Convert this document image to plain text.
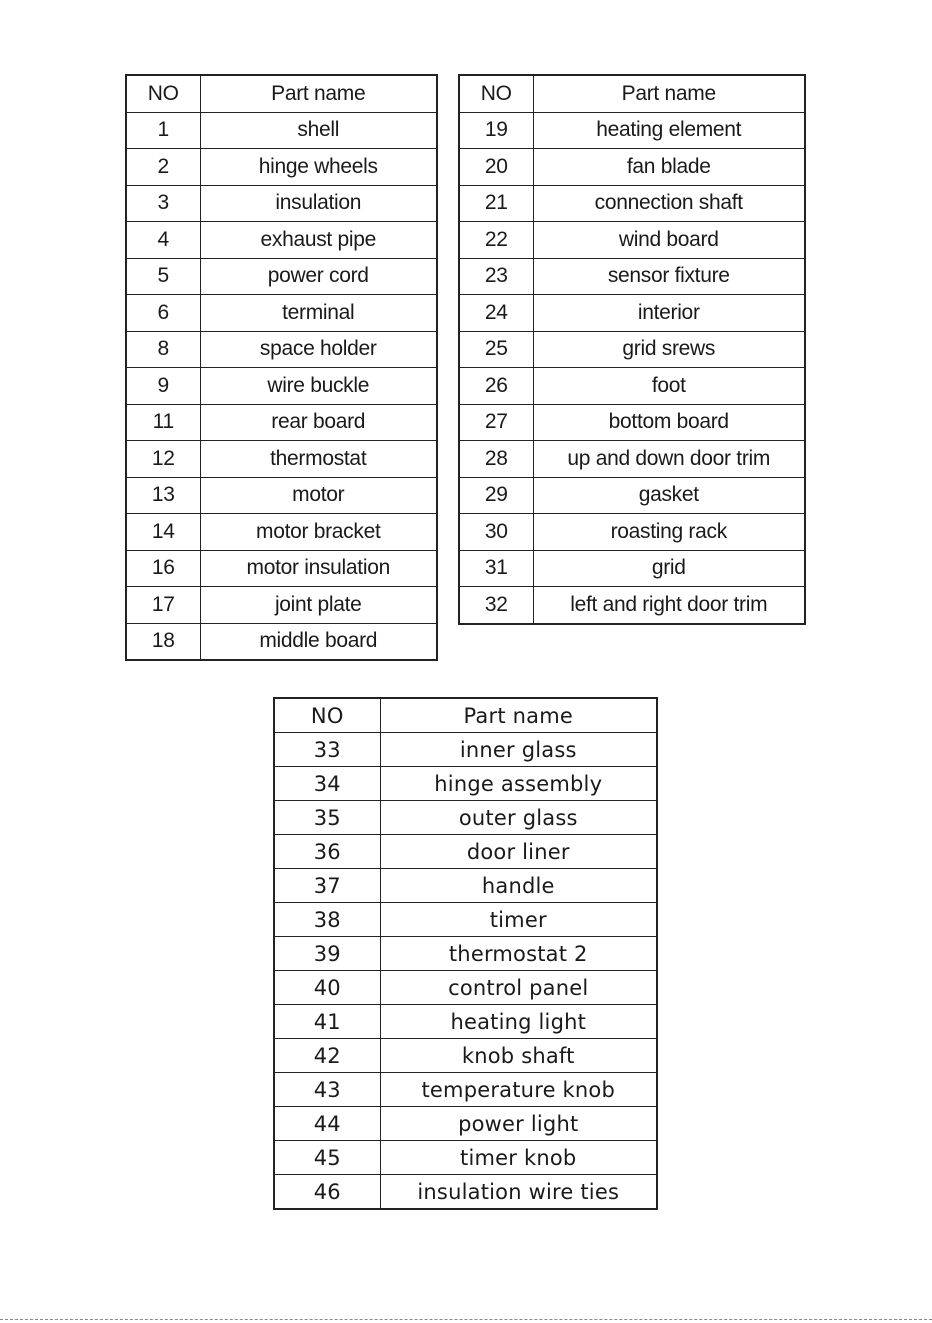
NO	Part name
1	shell
2	hinge wheels
3	insulation
4	exhaust pipe
5	power cord
6	terminal
8	space holder
9	wire buckle
11	rear board
12	thermostat
13	motor
14	motor bracket
16	motor insulation
17	joint plate
18	middle board
NO	Part name
19	heating element
20	fan blade
21	connection shaft
22	wind board
23	sensor fixture
24	interior
25	grid srews
26	foot
27	bottom board
28	up and down door trim
29	gasket
30	roasting rack
31	grid
32	left and right door trim
NO	Part name
33	inner glass
34	hinge assembly
35	outer glass
36	door liner
37	handle
38	timer
39	thermostat 2
40	control panel
41	heating light
42	knob shaft
43	temperature knob
44	power light
45	timer knob
46	insulation wire ties
